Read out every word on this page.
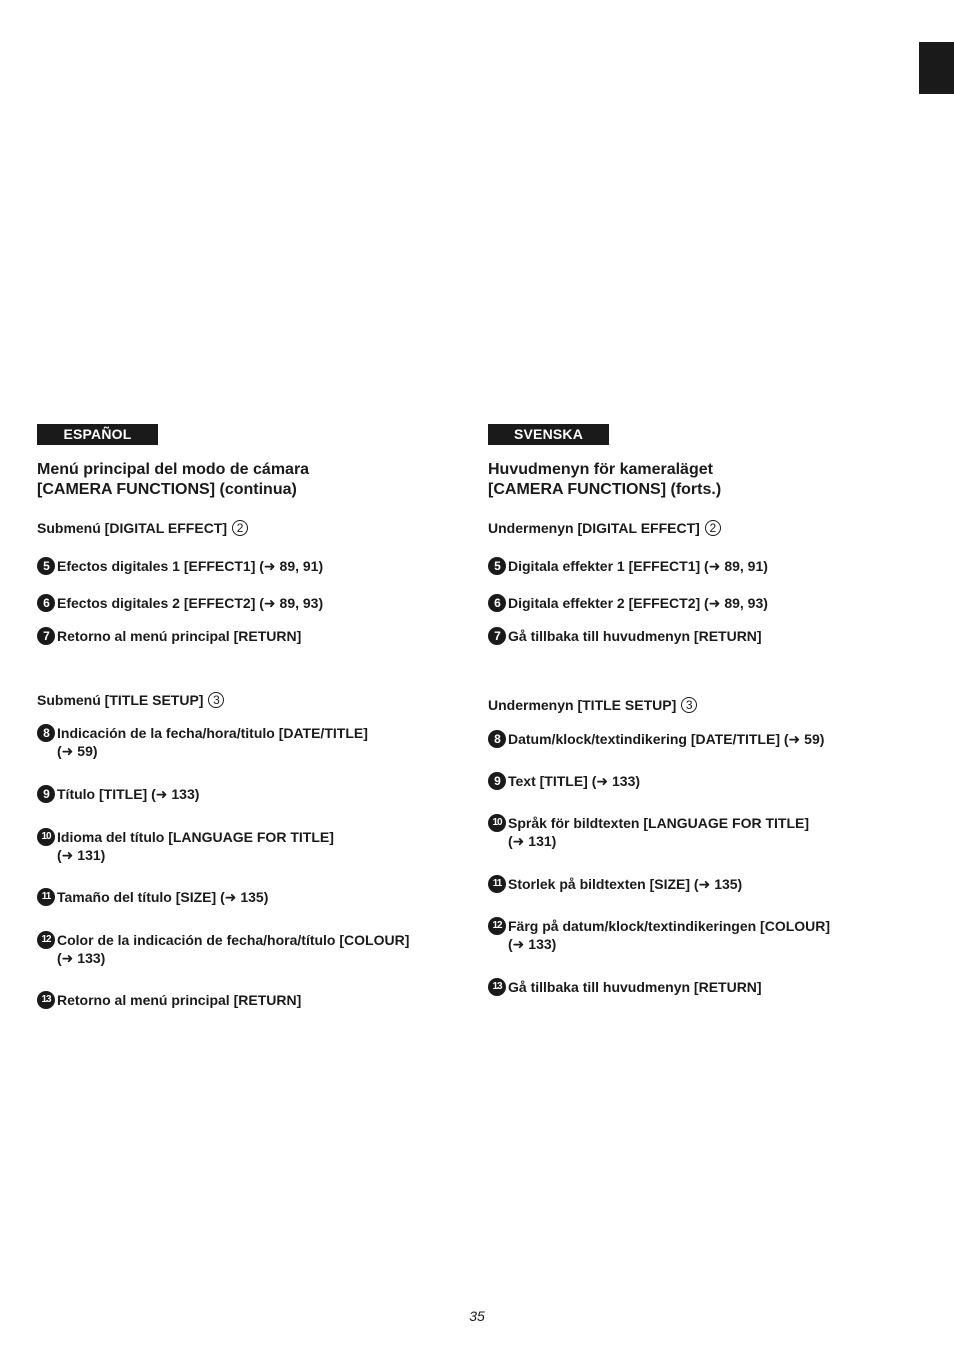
ESPAÑOL
Menú principal del modo de cámara
[CAMERA FUNCTIONS] (continua)
Submenú [DIGITAL EFFECT] 2
5 Efectos digitales 1 [EFFECT1] (➜ 89, 91)
6 Efectos digitales 2 [EFFECT2] (➜ 89, 93)
7 Retorno al menú principal [RETURN]
Submenú [TITLE SETUP] 3
8 Indicación de la fecha/hora/titulo [DATE/TITLE]
(➜ 59)
9 Título [TITLE] (➜ 133)
10 Idioma del título [LANGUAGE FOR TITLE]
(➜ 131)
11 Tamaño del título [SIZE] (➜ 135)
12 Color de la indicación de fecha/hora/título [COLOUR]
(➜ 133)
13 Retorno al menú principal [RETURN]
SVENSKA
Huvudmenyn för kameraläget
[CAMERA FUNCTIONS] (forts.)
Undermenyn [DIGITAL EFFECT] 2
5 Digitala effekter 1 [EFFECT1] (➜ 89, 91)
6 Digitala effekter 2 [EFFECT2] (➜ 89, 93)
7 Gå tillbaka till huvudmenyn [RETURN]
Undermenyn [TITLE SETUP] 3
8 Datum/klock/textindikering [DATE/TITLE] (➜ 59)
9 Text [TITLE] (➜ 133)
10 Språk för bildtexten [LANGUAGE FOR TITLE]
(➜ 131)
11 Storlek på bildtexten [SIZE] (➜ 135)
12 Färg på datum/klock/textindikeringen [COLOUR]
(➜ 133)
13 Gå tillbaka till huvudmenyn [RETURN]
35
